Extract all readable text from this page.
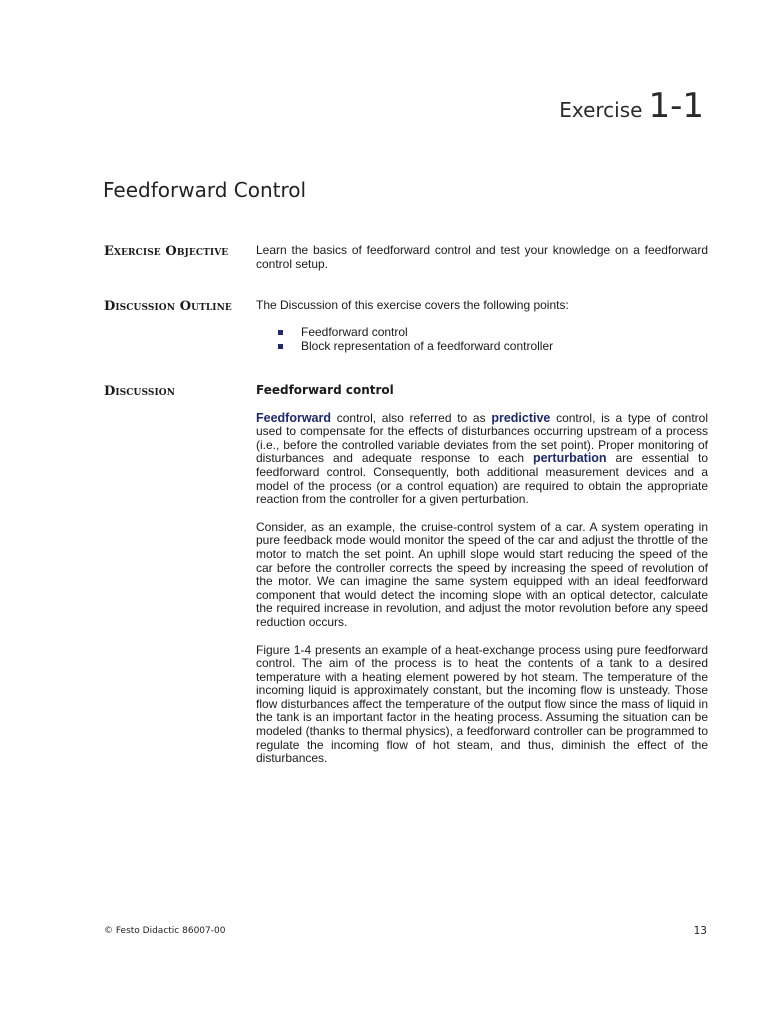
Exercise 1-1
Feedforward Control
Exercise Objective Learn the basics of feedforward control and test your knowledge on a feedforward control setup.

Discussion Outline The Discussion of this exercise covers the following points:

Feedforward control
Block representation of a feedforward controller
Discussion	Feedforward control

Feedforward control, also referred to as predictive control, is a type of control used to compensate for the effects of disturbances occurring upstream of a process (i.e., before the controlled variable deviates from the set point). Proper monitoring of disturbances and adequate response to each perturbation are essential to feedforward control. Consequently, both additional measurement devices and a model of the process (or a control equation) are required to obtain the appropriate reaction from the controller for a given perturbation.

Consider, as an example, the cruise-control system of a car. A system operating in pure feedback mode would monitor the speed of the car and adjust the throttle of the motor to match the set point. An uphill slope would start reducing the speed of the car before the controller corrects the speed by increasing the speed of revolution of the motor. We can imagine the same system equipped with an ideal feedforward component that would detect the incoming slope with an optical detector, calculate the required increase in revolution, and adjust the motor revolution before any speed reduction occurs.

Figure 1-4 presents an example of a heat-exchange process using pure feedforward control. The aim of the process is to heat the contents of a tank to a desired temperature with a heating element powered by hot steam. The temperature of the incoming liquid is approximately constant, but the incoming flow is unsteady. Those flow disturbances affect the temperature of the output flow since the mass of liquid in the tank is an important factor in the heating process. Assuming the situation can be modeled (thanks to thermal physics), a feedforward controller can be programmed to regulate the incoming flow of hot steam, and thus, diminish the effect of the disturbances.

© Festo Didactic 86007-00	13
